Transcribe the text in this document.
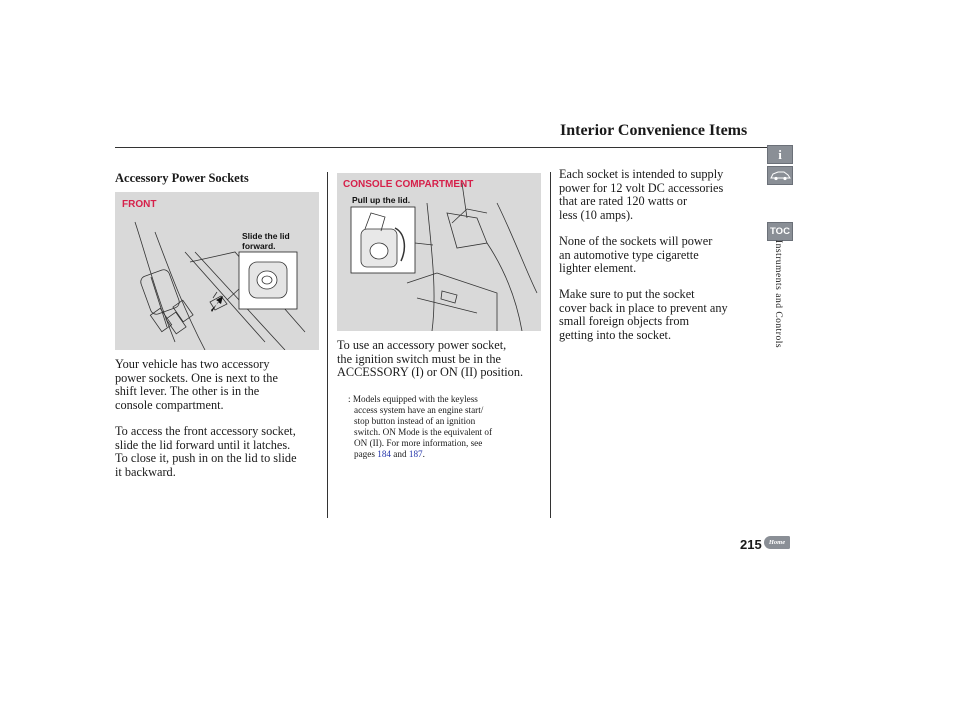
Interior Convenience Items
Accessory Power Sockets
FRONT
Slide the lid
forward.

Your vehicle has two accessory

power sockets. One is next to the

shift lever. The other is in the

console compartment.

To access the front accessory socket,

slide the lid forward until it latches.

To close it, push in on the lid to slide

it backward.

CONSOLE COMPARTMENT
Pull up the lid.

To use an accessory power socket,

the ignition switch must be in the

ACCESSORY (I) or ON (II) position.

: Models equipped with the keyless

access system have an engine start/

stop button instead of an ignition

switch. ON Mode is the equivalent of

ON (II). For more information, see

pages 184 and 187.

Each socket is intended to supply

power for 12 volt DC accessories

that are rated 120 watts or

less (10 amps).

None of the sockets will power

an automotive type cigarette

lighter element.

Make sure to put the socket

cover back in place to prevent any

small foreign objects from

getting into the socket.

i
TOC
Instruments and Controls
215	Home
